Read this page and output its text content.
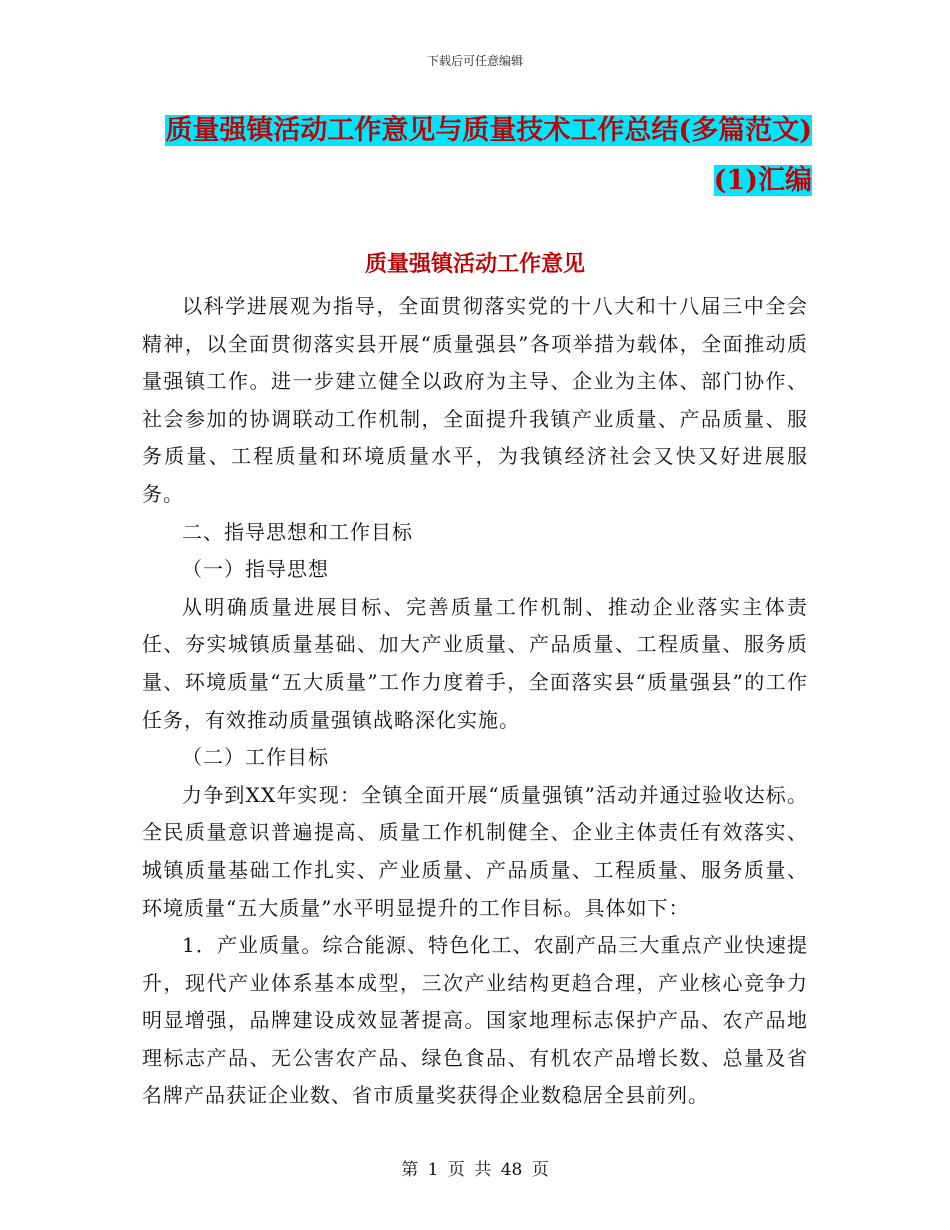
下载后可任意编辑
质量强镇活动工作意见与质量技术工作总结(多篇范文)(1)汇编
质量强镇活动工作意见

以科学进展观为指导，全面贯彻落实党的十八大和十八届三中全会精神，以全面贯彻落实县开展“质量强县”各项举措为载体，全面推动质量强镇工作。进一步建立健全以政府为主导、企业为主体、部门协作、社会参加的协调联动工作机制，全面提升我镇产业质量、产品质量、服务质量、工程质量和环境质量水平，为我镇经济社会又快又好进展服务。

二、指导思想和工作目标

（一）指导思想

从明确质量进展目标、完善质量工作机制、推动企业落实主体责任、夯实城镇质量基础、加大产业质量、产品质量、工程质量、服务质量、环境质量“五大质量”工作力度着手，全面落实县“质量强县”的工作任务，有效推动质量强镇战略深化实施。

（二）工作目标

力争到XX年实现：全镇全面开展“质量强镇”活动并通过验收达标。全民质量意识普遍提高、质量工作机制健全、企业主体责任有效落实、城镇质量基础工作扎实、产业质量、产品质量、工程质量、服务质量、环境质量“五大质量”水平明显提升的工作目标。具体如下：

1．产业质量。综合能源、特色化工、农副产品三大重点产业快速提升，现代产业体系基本成型，三次产业结构更趋合理，产业核心竞争力明显增强，品牌建设成效显著提高。国家地理标志保护产品、农产品地理标志产品、无公害农产品、绿色食品、有机农产品增长数、总量及省名牌产品获证企业数、省市质量奖获得企业数稳居全县前列。

第 1 页 共 48 页
